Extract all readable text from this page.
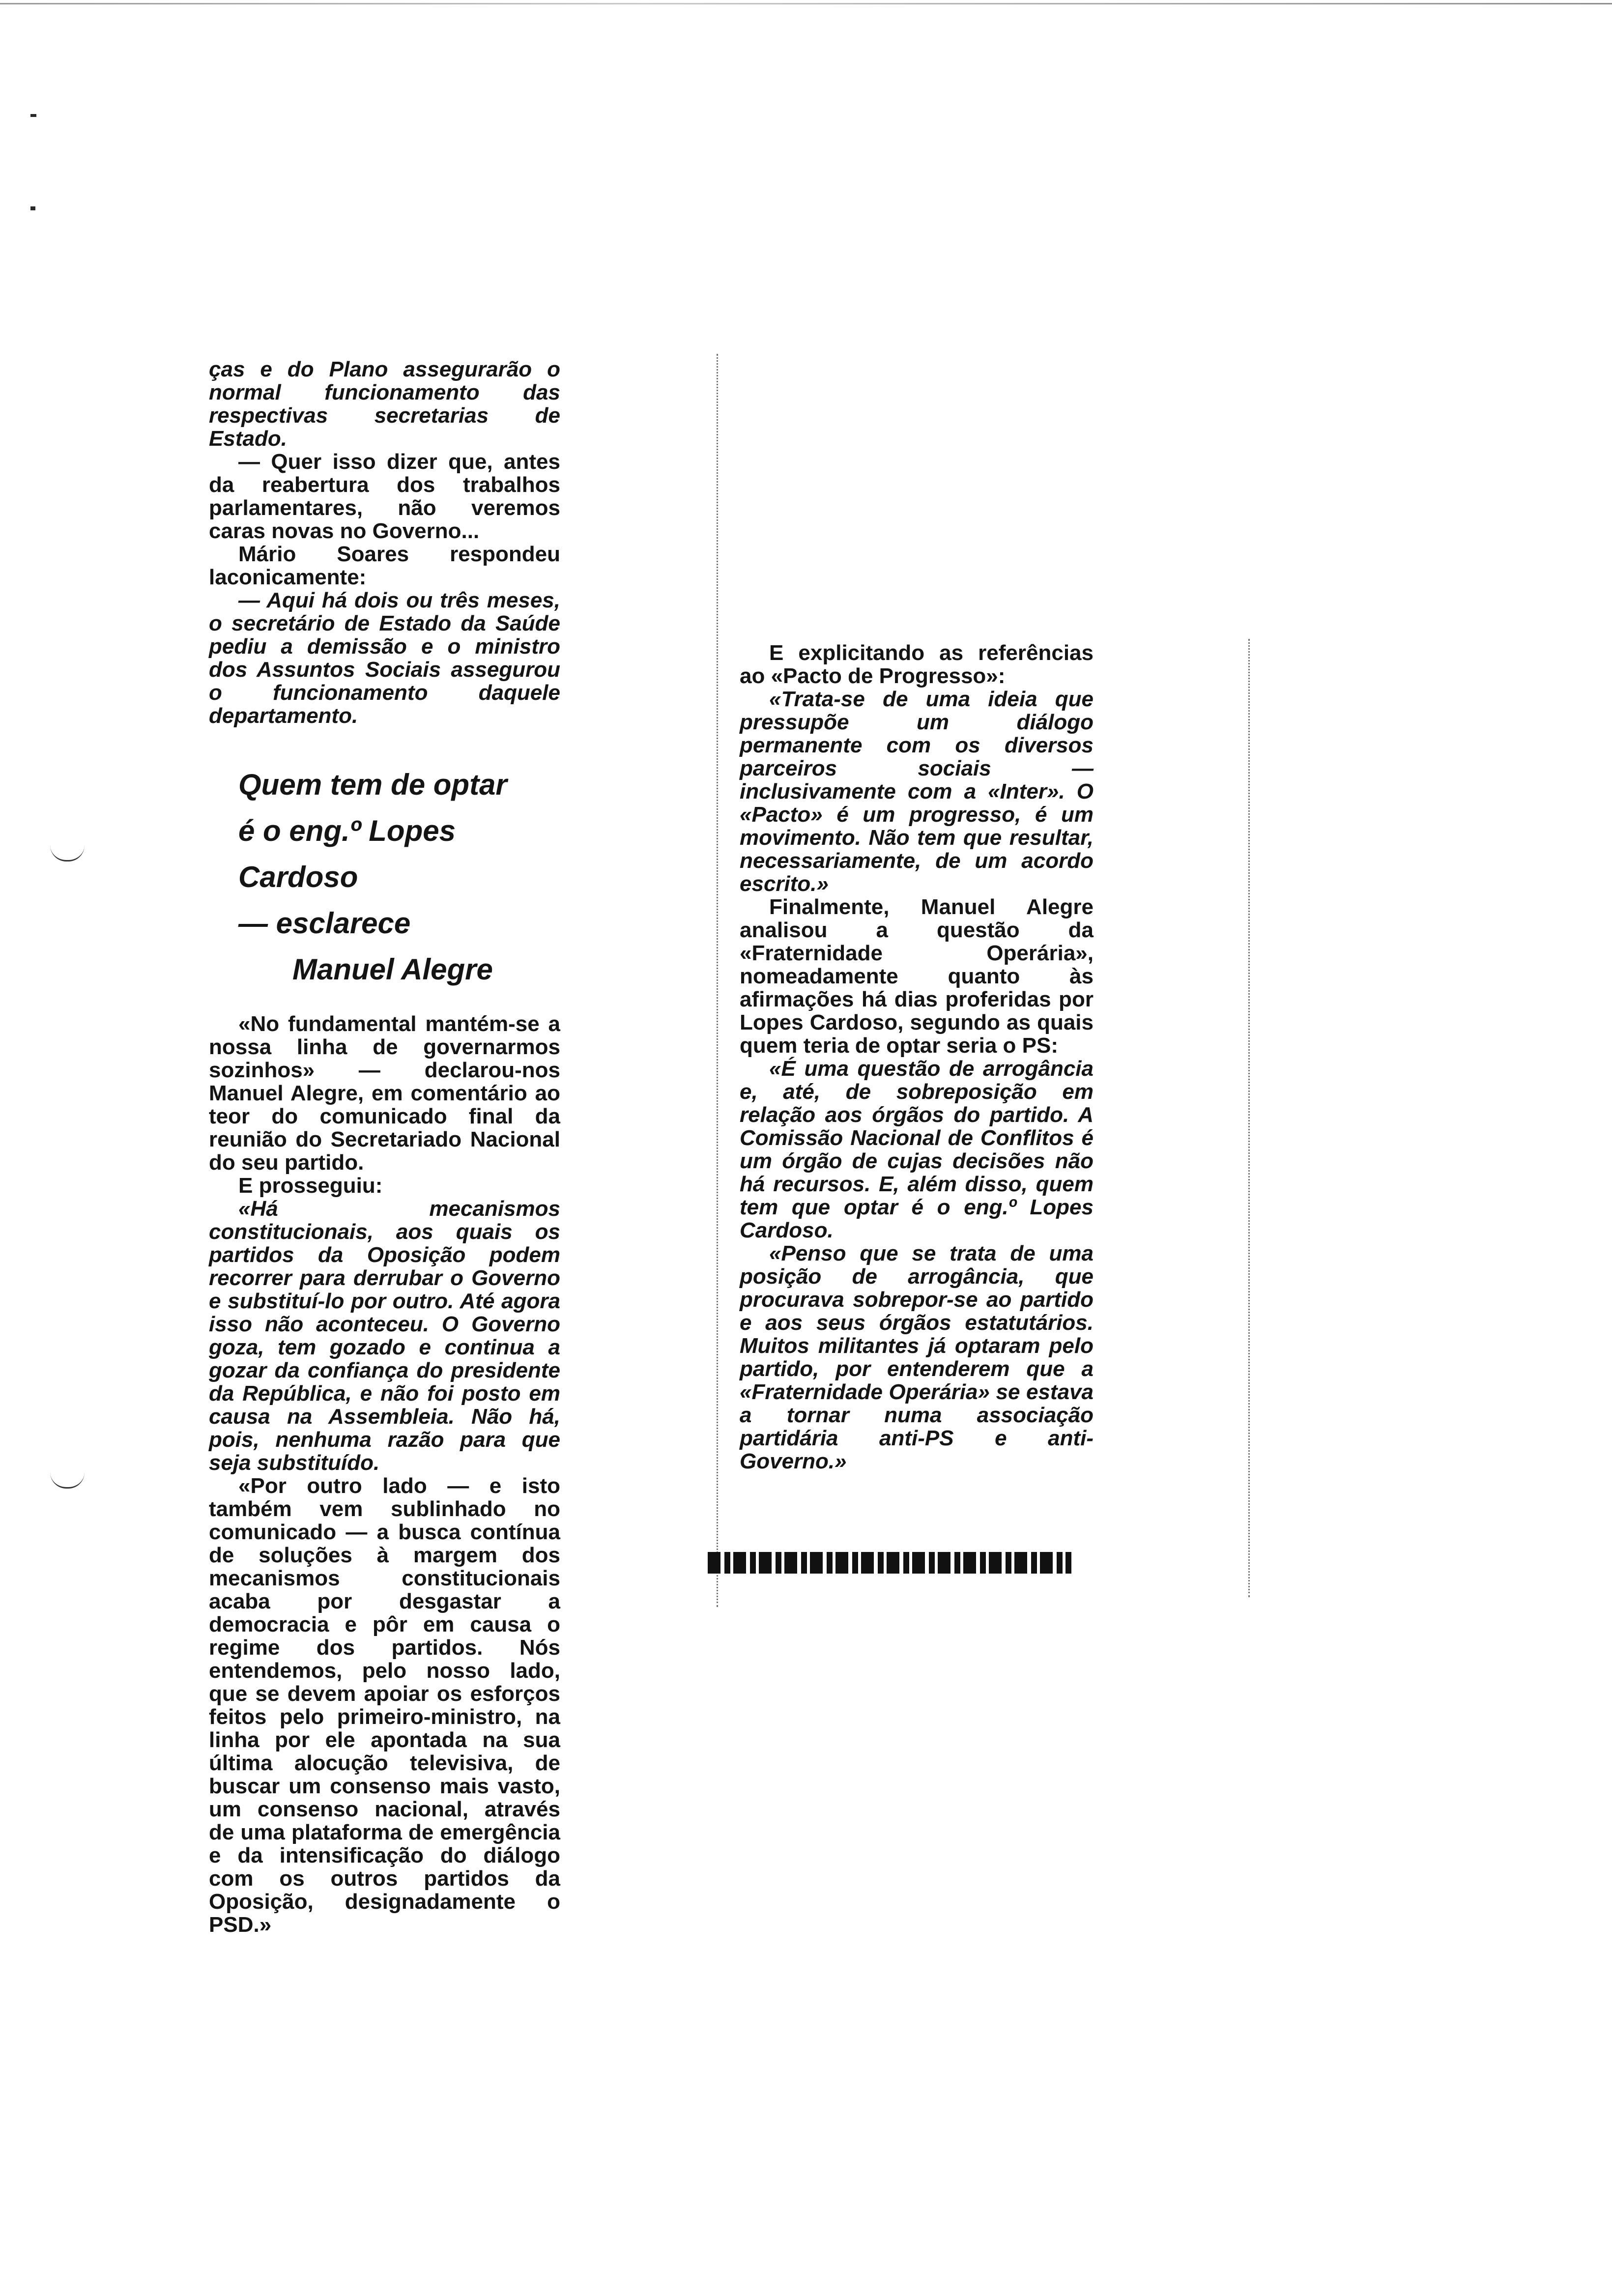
ças e do Plano assegurarão o normal funcionamento das respectivas secretarias de Estado.

— Quer isso dizer que, antes da reabertura dos trabalhos parlamentares, não veremos caras novas no Governo...

Mário Soares respondeu laconicamente:

— Aqui há dois ou três meses, o secretário de Estado da Saúde pediu a demissão e o ministro dos Assuntos Sociais assegurou o funcionamento daquele departamento.

Quem tem de optar
é o eng.º Lopes
Cardoso
— esclarece
Manuel Alegre

«No fundamental mantém-se a nossa linha de governarmos sozinhos» — declarou-nos Manuel Alegre, em comentário ao teor do comunicado final da reunião do Secretariado Nacional do seu partido.

E prosseguiu:

«Há mecanismos constitucionais, aos quais os partidos da Oposição podem recorrer para derrubar o Governo e substituí-lo por outro. Até agora isso não aconteceu. O Governo goza, tem gozado e continua a gozar da confiança do presidente da República, e não foi posto em causa na Assembleia. Não há, pois, nenhuma razão para que seja substituído.

«Por outro lado — e isto também vem sublinhado no comunicado — a busca contínua de soluções à margem dos mecanismos constitucionais acaba por desgastar a democracia e pôr em causa o regime dos partidos. Nós entendemos, pelo nosso lado, que se devem apoiar os esforços feitos pelo primeiro-ministro, na linha por ele apontada na sua última alocução televisiva, de buscar um consenso mais vasto, um consenso nacional, através de uma plataforma de emergência e da intensificação do diálogo com os outros partidos da Oposição, designadamente o PSD.»

E explicitando as referências ao «Pacto de Progresso»:

«Trata-se de uma ideia que pressupõe um diálogo permanente com os diversos parceiros sociais — inclusivamente com a «Inter». O «Pacto» é um progresso, é um movimento. Não tem que resultar, necessariamente, de um acordo escrito.»

Finalmente, Manuel Alegre analisou a questão da «Fraternidade Operária», nomeadamente quanto às afirmações há dias proferidas por Lopes Cardoso, segundo as quais quem teria de optar seria o PS:

«É uma questão de arrogância e, até, de sobreposição em relação aos órgãos do partido. A Comissão Nacional de Conflitos é um órgão de cujas decisões não há recursos. E, além disso, quem tem que optar é o eng.º Lopes Cardoso.

«Penso que se trata de uma posição de arrogância, que procurava sobrepor-se ao partido e aos seus órgãos estatutários. Muitos militantes já optaram pelo partido, por entenderem que a «Fraternidade Operária» se estava a tornar numa associação partidária anti-PS e anti-Governo.»
